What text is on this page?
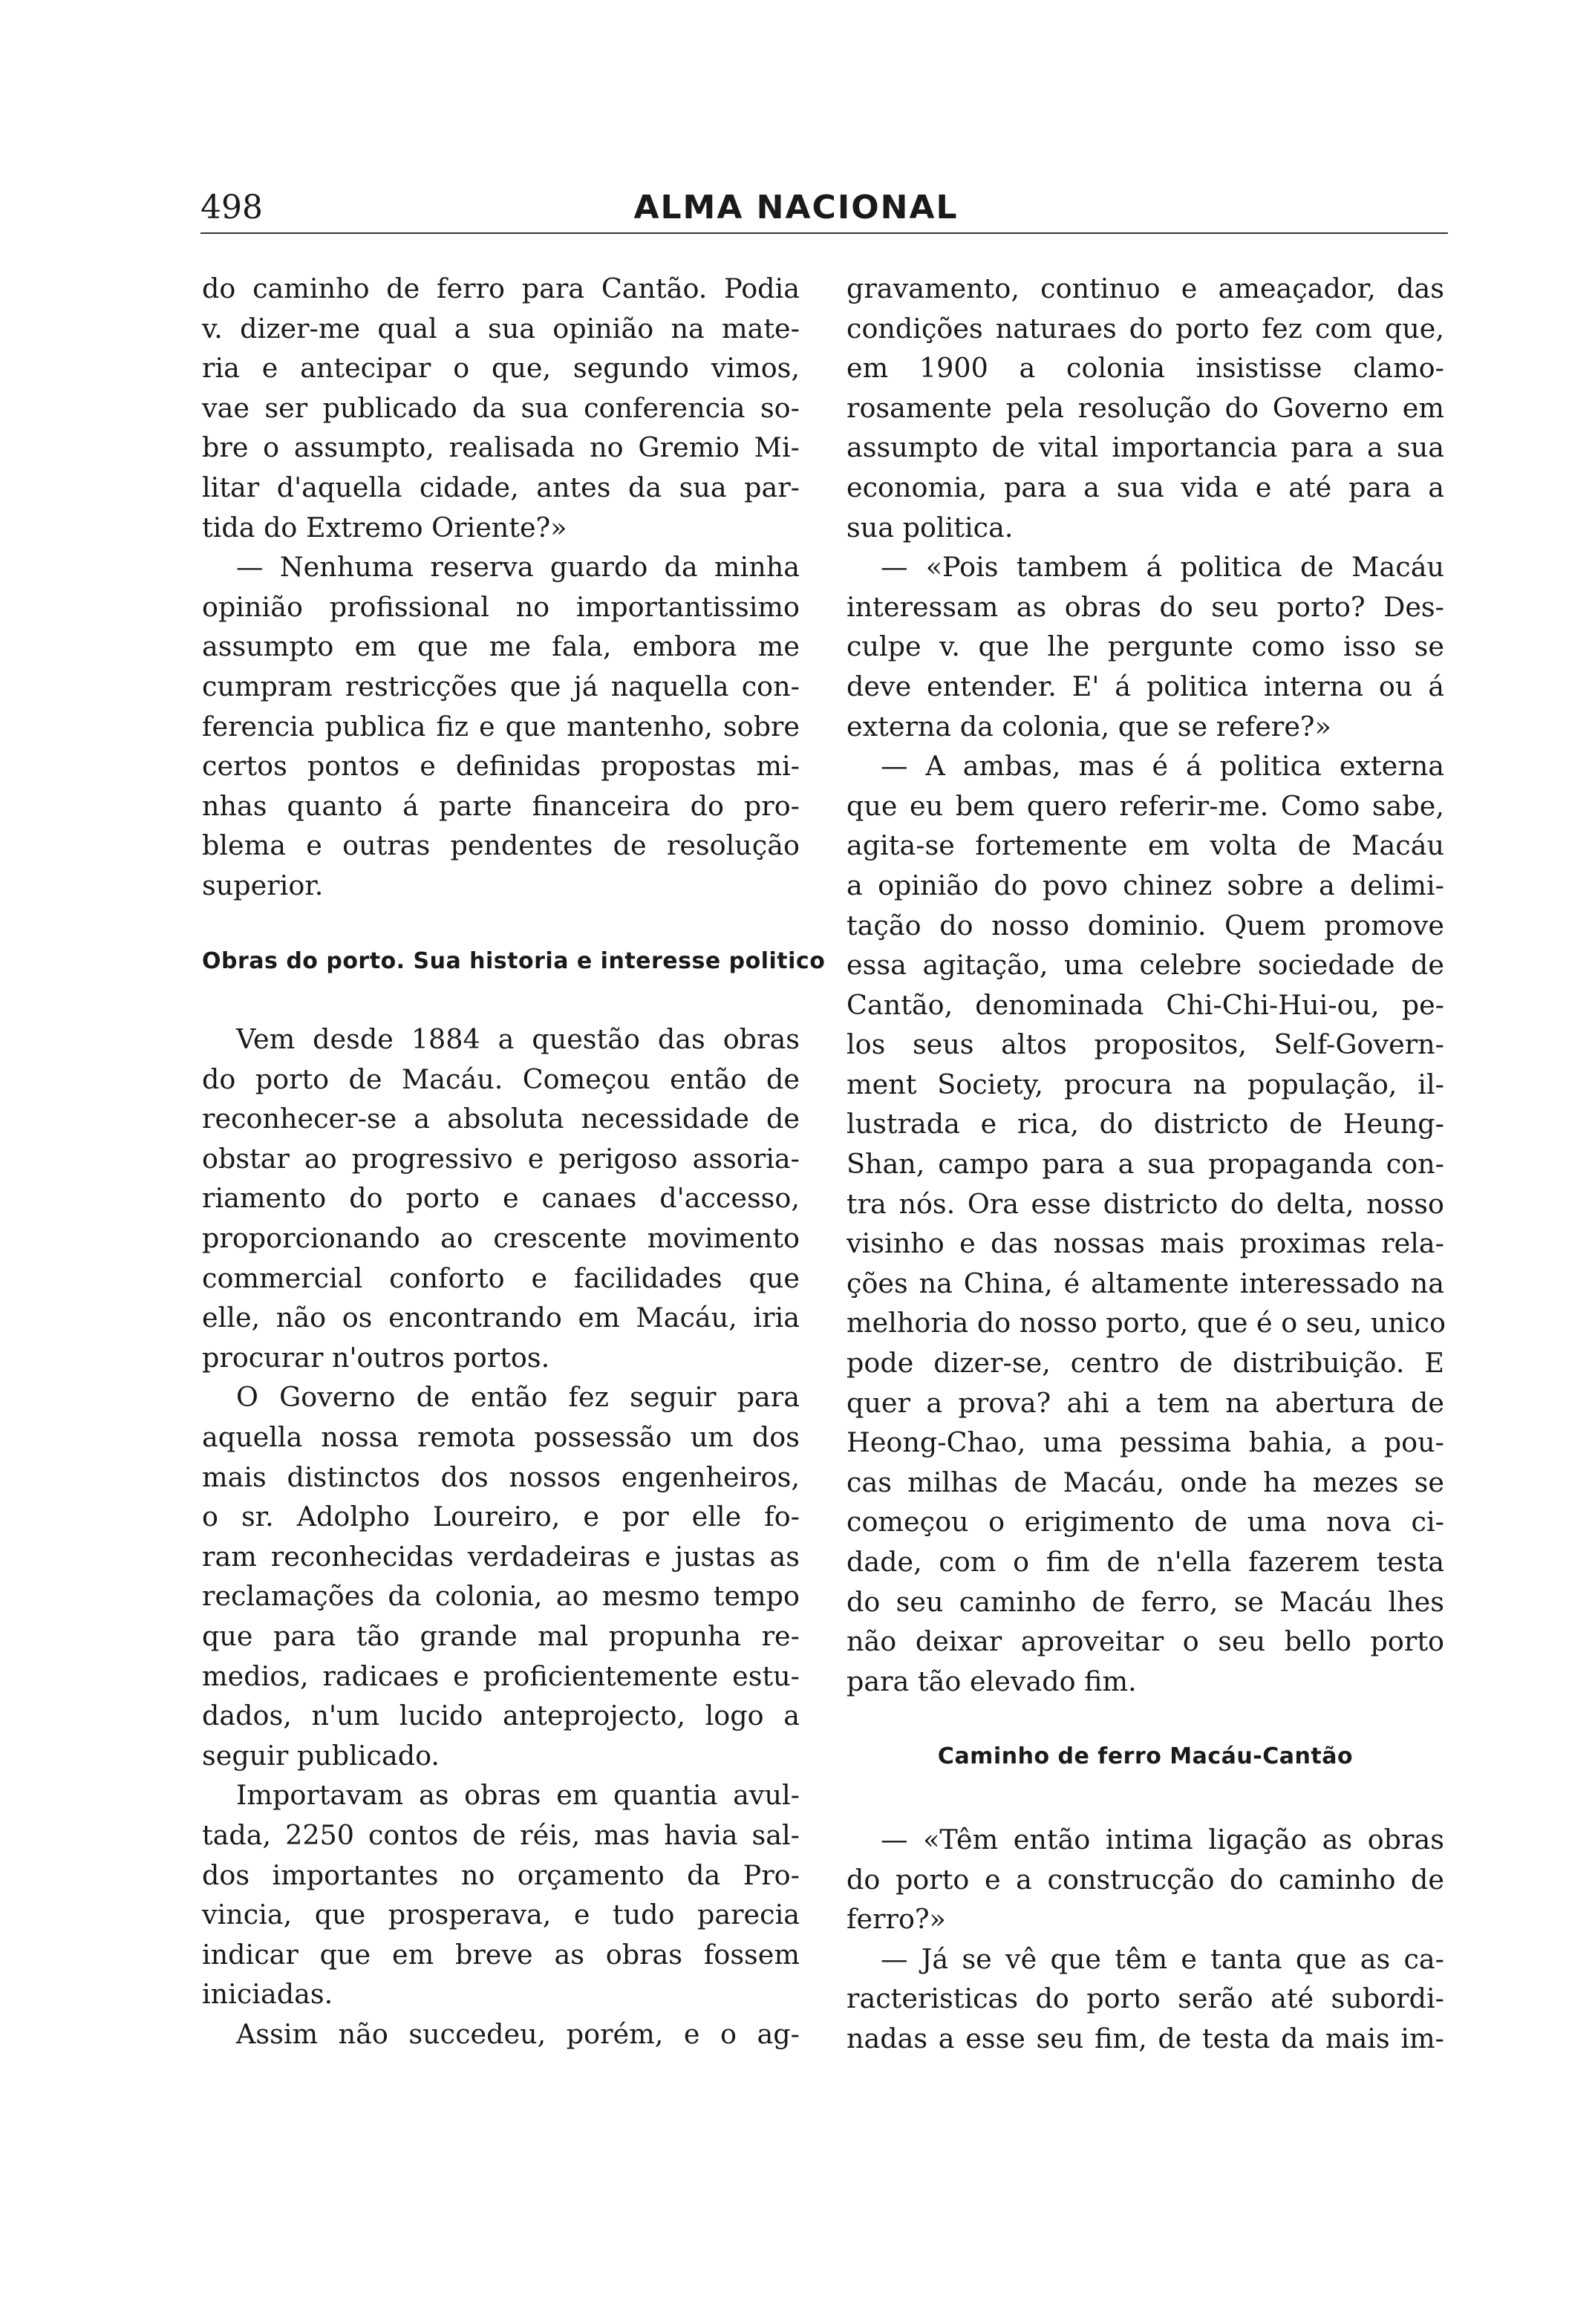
498	ALMA NACIONAL
do caminho de ferro para Cantão. Podia
v. dizer-me qual a sua opinião na mate-
ria e antecipar o que, segundo vimos,
vae ser publicado da sua conferencia so-
bre o assumpto, realisada no Gremio Mi-
litar d'aquella cidade, antes da sua par-
tida do Extremo Oriente?»
— Nenhuma reserva guardo da minha
opinião profissional no importantissimo
assumpto em que me fala, embora me
cumpram restricções que já naquella con-
ferencia publica fiz e que mantenho, sobre
certos pontos e definidas propostas mi-
nhas quanto á parte financeira do pro-
blema e outras pendentes de resolução
superior.
Obras do porto. Sua historia e interesse politico
Vem desde 1884 a questão das obras
do porto de Macáu. Começou então de
reconhecer-se a absoluta necessidade de
obstar ao progressivo e perigoso assoria-
riamento do porto e canaes d'accesso,
proporcionando ao crescente movimento
commercial conforto e facilidades que
elle, não os encontrando em Macáu, iria
procurar n'outros portos.
O Governo de então fez seguir para
aquella nossa remota possessão um dos
mais distinctos dos nossos engenheiros,
o sr. Adolpho Loureiro, e por elle fo-
ram reconhecidas verdadeiras e justas as
reclamações da colonia, ao mesmo tempo
que para tão grande mal propunha re-
medios, radicaes e proficientemente estu-
dados, n'um lucido anteprojecto, logo a
seguir publicado.
Importavam as obras em quantia avul-
tada, 2250 contos de réis, mas havia sal-
dos importantes no orçamento da Pro-
vincia, que prosperava, e tudo parecia
indicar que em breve as obras fossem
iniciadas.
Assim não succedeu, porém, e o ag-
gravamento, continuo e ameaçador, das
condições naturaes do porto fez com que,
em 1900 a colonia insistisse clamo-
rosamente pela resolução do Governo em
assumpto de vital importancia para a sua
economia, para a sua vida e até para a
sua politica.
— «Pois tambem á politica de Macáu
interessam as obras do seu porto? Des-
culpe v. que lhe pergunte como isso se
deve entender. E' á politica interna ou á
externa da colonia, que se refere?»
— A ambas, mas é á politica externa
que eu bem quero referir-me. Como sabe,
agita-se fortemente em volta de Macáu
a opinião do povo chinez sobre a delimi-
tação do nosso dominio. Quem promove
essa agitação, uma celebre sociedade de
Cantão, denominada Chi-Chi-Hui-ou, pe-
los seus altos propositos, Self-Govern-
ment Society, procura na população, il-
lustrada e rica, do districto de Heung-
Shan, campo para a sua propaganda con-
tra nós. Ora esse districto do delta, nosso
visinho e das nossas mais proximas rela-
ções na China, é altamente interessado na
melhoria do nosso porto, que é o seu, unico
pode dizer-se, centro de distribuição. E
quer a prova? ahi a tem na abertura de
Heong-Chao, uma pessima bahia, a pou-
cas milhas de Macáu, onde ha mezes se
começou o erigimento de uma nova ci-
dade, com o fim de n'ella fazerem testa
do seu caminho de ferro, se Macáu lhes
não deixar aproveitar o seu bello porto
para tão elevado fim.
Caminho de ferro Macáu-Cantão
— «Têm então intima ligação as obras
do porto e a construcção do caminho de
ferro?»
— Já se vê que têm e tanta que as ca-
racteristicas do porto serão até subordi-
nadas a esse seu fim, de testa da mais im-
